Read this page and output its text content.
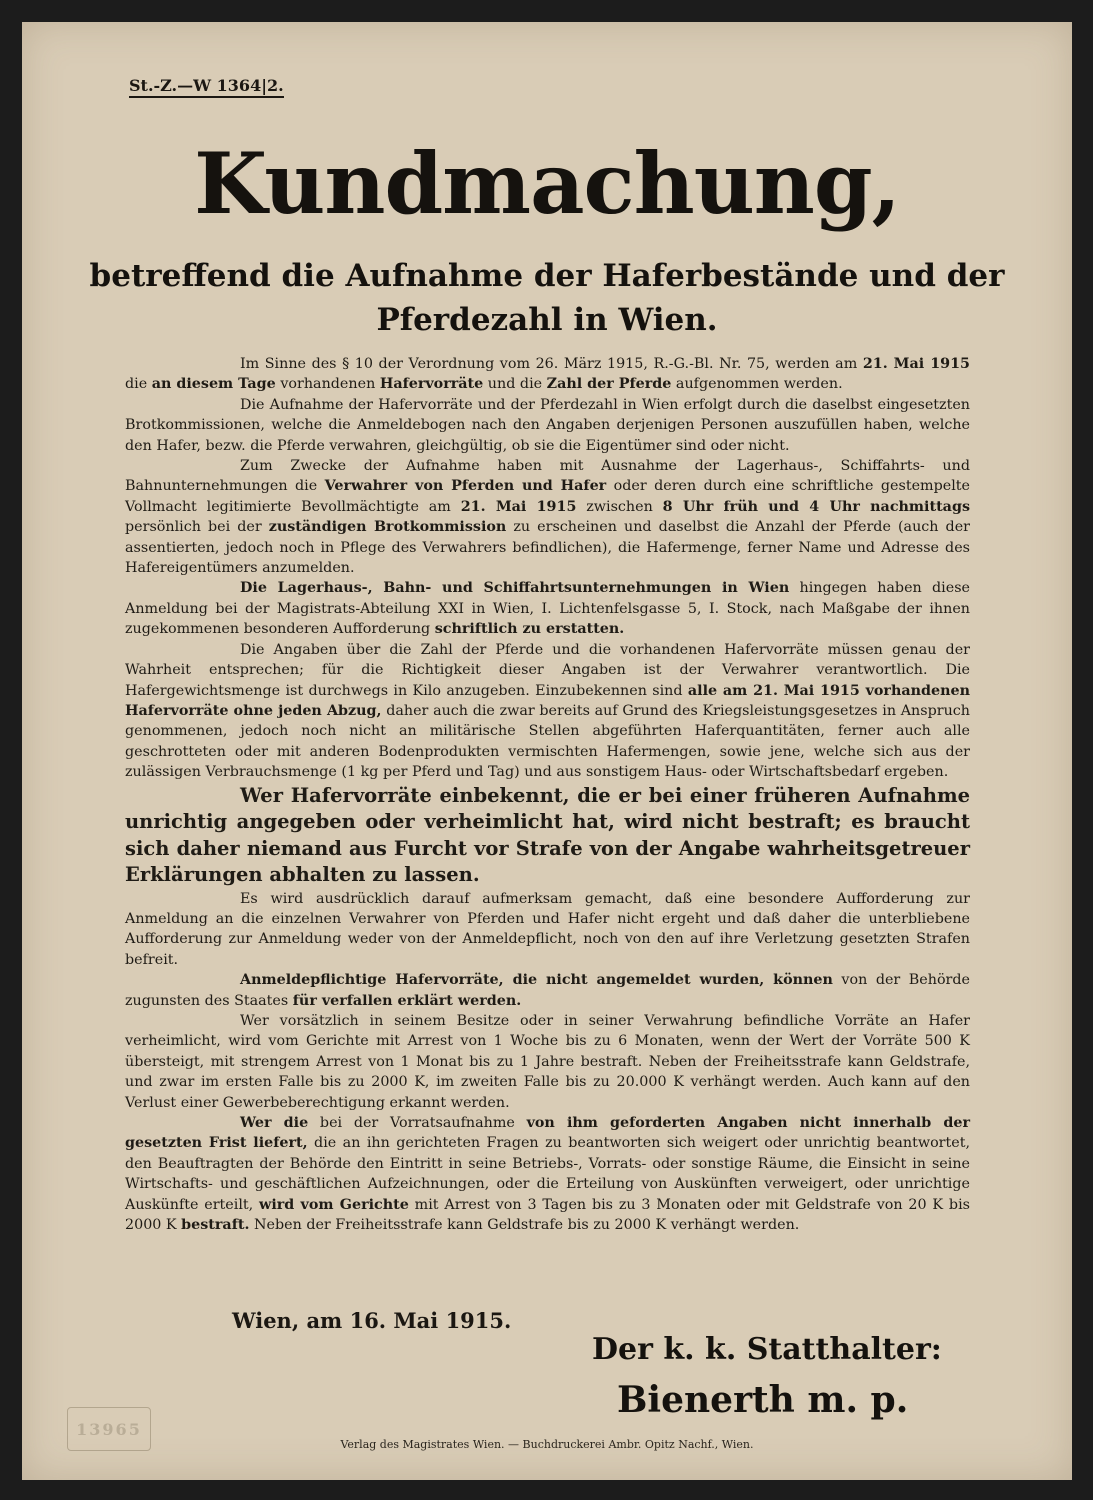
St.-Z.—W 1364|2.
Kundmachung,
betreffend die Aufnahme der Haferbestände und der Pferdezahl in Wien.

Im Sinne des § 10 der Verordnung vom 26. März 1915, R.-G.-Bl. Nr. 75, werden am 21. Mai 1915 die an diesem Tage vorhandenen Hafervorräte und die Zahl der Pferde aufgenommen werden.

Die Aufnahme der Hafervorräte und der Pferdezahl in Wien erfolgt durch die daselbst eingesetzten Brotkommissionen, welche die Anmeldebogen nach den Angaben derjenigen Personen auszufüllen haben, welche den Hafer, bezw. die Pferde verwahren, gleichgültig, ob sie die Eigentümer sind oder nicht.

Zum Zwecke der Aufnahme haben mit Ausnahme der Lagerhaus-, Schiffahrts- und Bahnunternehmungen die Verwahrer von Pferden und Hafer oder deren durch eine schriftliche gestempelte Vollmacht legitimierte Bevollmächtigte am 21. Mai 1915 zwischen 8 Uhr früh und 4 Uhr nachmittags persönlich bei der zuständigen Brotkommission zu erscheinen und daselbst die Anzahl der Pferde (auch der assentierten, jedoch noch in Pflege des Verwahrers befindlichen), die Hafermenge, ferner Name und Adresse des Hafereigentümers anzumelden.

Die Lagerhaus-, Bahn- und Schiffahrtsunternehmungen in Wien hingegen haben diese Anmeldung bei der Magistrats-Abteilung XXI in Wien, I. Lichtenfelsgasse 5, I. Stock, nach Maßgabe der ihnen zugekommenen besonderen Aufforderung schriftlich zu erstatten.

Die Angaben über die Zahl der Pferde und die vorhandenen Hafervorräte müssen genau der Wahrheit entsprechen; für die Richtigkeit dieser Angaben ist der Verwahrer verantwortlich. Die Hafergewichtsmenge ist durchwegs in Kilo anzugeben. Einzubekennen sind alle am 21. Mai 1915 vorhandenen Hafervorräte ohne jeden Abzug, daher auch die zwar bereits auf Grund des Kriegsleistungsgesetzes in Anspruch genommenen, jedoch noch nicht an militärische Stellen abgeführten Haferquantitäten, ferner auch alle geschrotteten oder mit anderen Bodenprodukten vermischten Hafermengen, sowie jene, welche sich aus der zulässigen Verbrauchsmenge (1 kg per Pferd und Tag) und aus sonstigem Haus- oder Wirtschaftsbedarf ergeben.

Wer Hafervorräte einbekennt, die er bei einer früheren Aufnahme unrichtig angegeben oder verheimlicht hat, wird nicht bestraft; es braucht sich daher niemand aus Furcht vor Strafe von der Angabe wahrheitsgetreuer Erklärungen abhalten zu lassen.

Es wird ausdrücklich darauf aufmerksam gemacht, daß eine besondere Aufforderung zur Anmeldung an die einzelnen Verwahrer von Pferden und Hafer nicht ergeht und daß daher die unterbliebene Aufforderung zur Anmeldung weder von der Anmeldepflicht, noch von den auf ihre Verletzung gesetzten Strafen befreit.

Anmeldepflichtige Hafervorräte, die nicht angemeldet wurden, können von der Behörde zugunsten des Staates für verfallen erklärt werden.

Wer vorsätzlich in seinem Besitze oder in seiner Verwahrung befindliche Vorräte an Hafer verheimlicht, wird vom Gerichte mit Arrest von 1 Woche bis zu 6 Monaten, wenn der Wert der Vorräte 500 K übersteigt, mit strengem Arrest von 1 Monat bis zu 1 Jahre bestraft. Neben der Freiheitsstrafe kann Geldstrafe, und zwar im ersten Falle bis zu 2000 K, im zweiten Falle bis zu 20.000 K verhängt werden. Auch kann auf den Verlust einer Gewerbeberechtigung erkannt werden.

Wer die bei der Vorratsaufnahme von ihm geforderten Angaben nicht innerhalb der gesetzten Frist liefert, die an ihn gerichteten Fragen zu beantworten sich weigert oder unrichtig beantwortet, den Beauftragten der Behörde den Eintritt in seine Betriebs-, Vorrats- oder sonstige Räume, die Einsicht in seine Wirtschafts- und geschäftlichen Aufzeichnungen, oder die Erteilung von Auskünften verweigert, oder unrichtige Auskünfte erteilt, wird vom Gerichte mit Arrest von 3 Tagen bis zu 3 Monaten oder mit Geldstrafe von 20 K bis 2000 K bestraft. Neben der Freiheitsstrafe kann Geldstrafe bis zu 2000 K verhängt werden.

Wien, am 16. Mai 1915.
Der k. k. Statthalter:
Bienerth m. p.
13965
Verlag des Magistrates Wien. — Buchdruckerei Ambr. Opitz Nachf., Wien.
